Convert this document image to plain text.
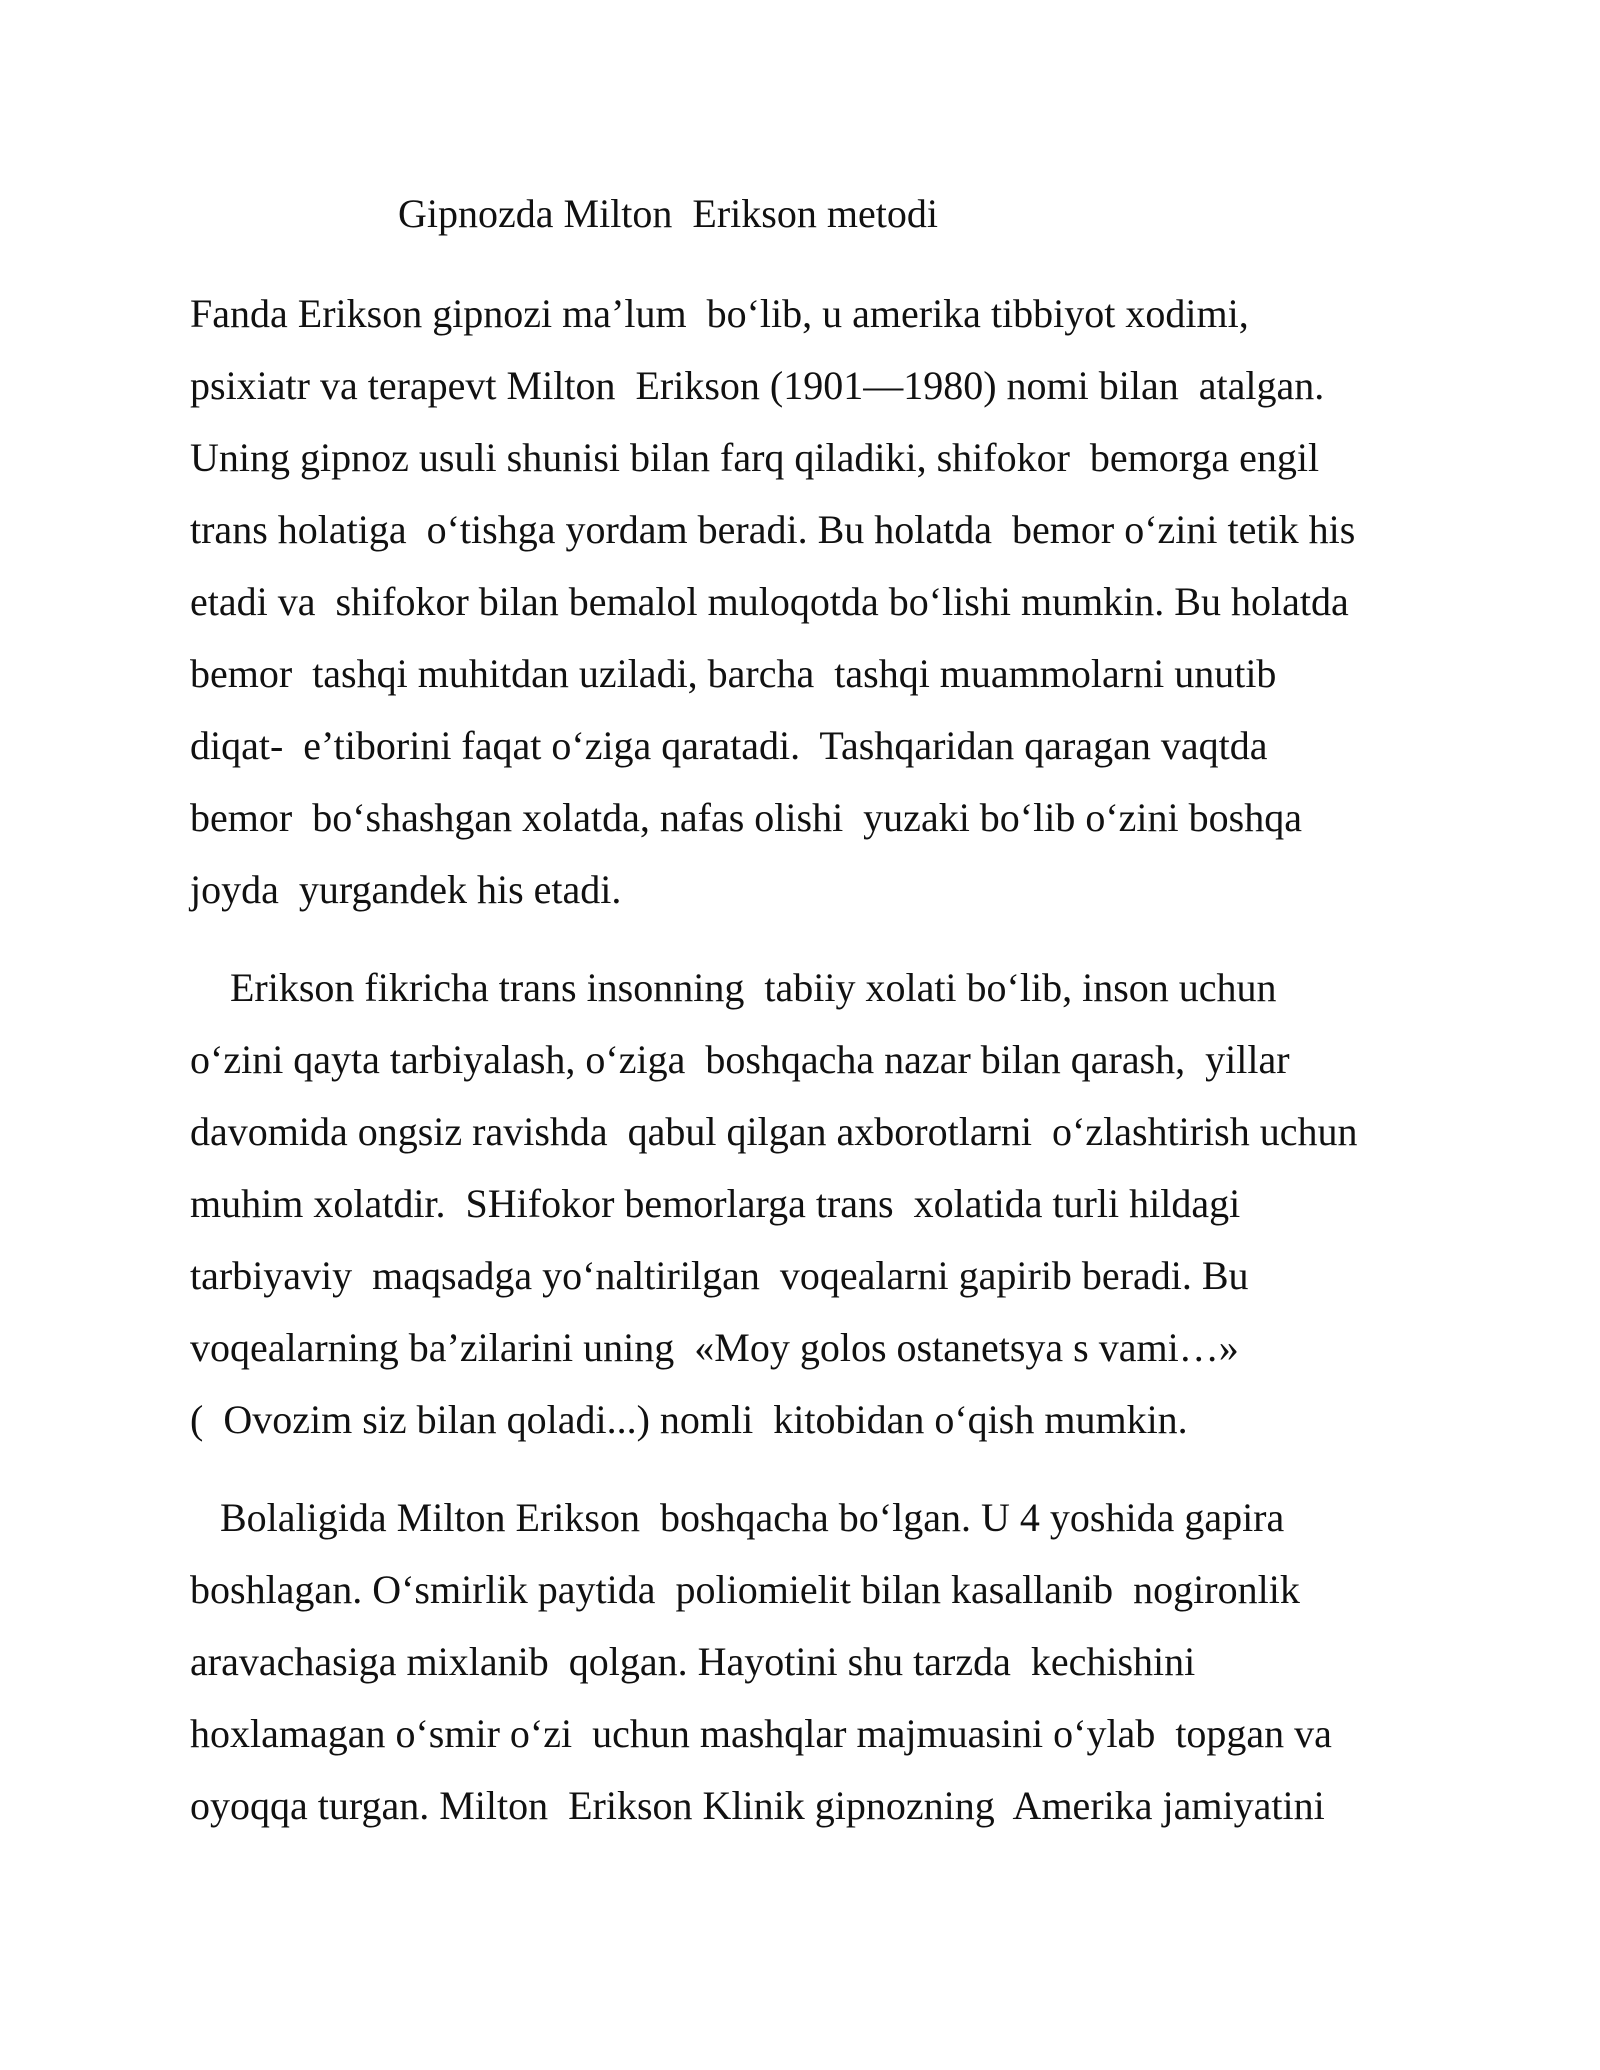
Gipnozda Milton  Erikson metodi
Fanda Erikson gipnozi ma’lum  bo‘lib, u amerika tibbiyot xodimi,
psixiatr va terapevt Milton  Erikson (1901—1980) nomi bilan  atalgan.
Uning gipnoz usuli shunisi bilan farq qiladiki, shifokor  bemorga engil
trans holatiga  o‘tishga yordam beradi. Bu holatda  bemor o‘zini tetik his
etadi va  shifokor bilan bemalol muloqotda bo‘lishi mumkin. Bu holatda
bemor  tashqi muhitdan uziladi, barcha  tashqi muammolarni unutib
diqat-  e’tiborini faqat o‘ziga qaratadi.  Tashqaridan qaragan vaqtda
bemor  bo‘shashgan xolatda, nafas olishi  yuzaki bo‘lib o‘zini boshqa
joyda  yurgandek his etadi.
Erikson fikricha trans insonning  tabiiy xolati bo‘lib, inson uchun
o‘zini qayta tarbiyalash, o‘ziga  boshqacha nazar bilan qarash,  yillar
davomida ongsiz ravishda  qabul qilgan axborotlarni  o‘zlashtirish uchun
muhim xolatdir.  SHifokor bemorlarga trans  xolatida turli hildagi
tarbiyaviy  maqsadga yo‘naltirilgan  voqealarni gapirib beradi. Bu
voqealarning ba’zilarini uning  «Moy golos ostanetsya s vami…»
(  Ovozim siz bilan qoladi...) nomli  kitobidan o‘qish mumkin.
Bolaligida Milton Erikson  boshqacha bo‘lgan. U 4 yoshida gapira
boshlagan. O‘smirlik paytida  poliomielit bilan kasallanib  nogironlik
aravachasiga mixlanib  qolgan. Hayotini shu tarzda  kechishini
hoxlamagan o‘smir o‘zi  uchun mashqlar majmuasini o‘ylab  topgan va
oyoqqa turgan. Milton  Erikson Klinik gipnozning  Amerika jamiyatini
